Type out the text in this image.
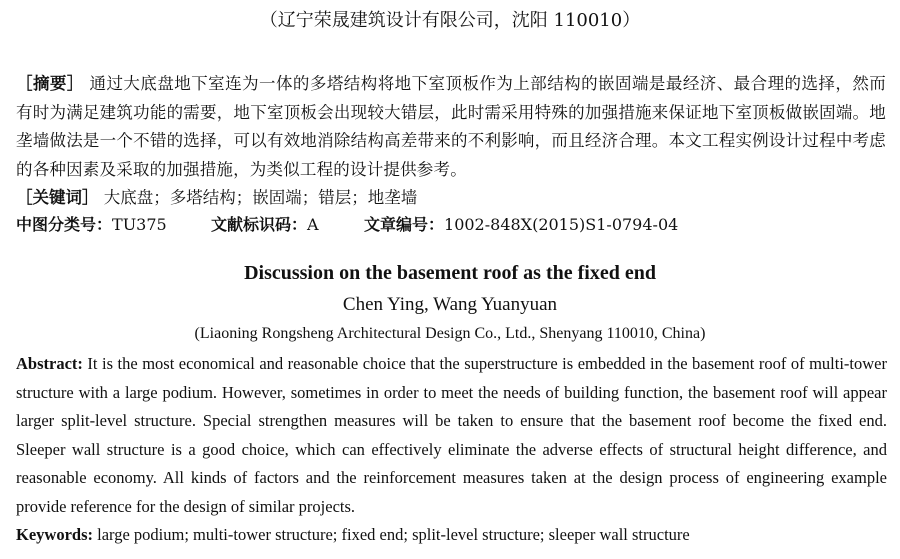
（辽宁荣晟建筑设计有限公司，沈阳 110010）
［摘要］ 通过大底盘地下室连为一体的多塔结构将地下室顶板作为上部结构的嵌固端是最经济、最合理的选择，然而有时为满足建筑功能的需要，地下室顶板会出现较大错层，此时需采用特殊的加强措施来保证地下室顶板做嵌固端。地垄墙做法是一个不错的选择，可以有效地消除结构高差带来的不利影响，而且经济合理。本文工程实例设计过程中考虑的各种因素及采取的加强措施，为类似工程的设计提供参考。
［关键词］ 大底盘；多塔结构；嵌固端；错层；地垄墙
中图分类号：TU375	文献标识码：A	文章编号：1002-848X(2015)S1-0794-04
Discussion on the basement roof as the fixed end
Chen Ying, Wang Yuanyuan
(Liaoning Rongsheng Architectural Design Co., Ltd., Shenyang 110010, China)
Abstract: It is the most economical and reasonable choice that the superstructure is embedded in the basement roof of multi-tower structure with a large podium. However, sometimes in order to meet the needs of building function, the basement roof will appear larger split-level structure. Special strengthen measures will be taken to ensure that the basement roof become the fixed end. Sleeper wall structure is a good choice, which can effectively eliminate the adverse effects of structural height difference, and reasonable economy. All kinds of factors and the reinforcement measures taken at the design process of engineering example provide reference for the design of similar projects.
Keywords: large podium; multi-tower structure; fixed end; split-level structure; sleeper wall structure
